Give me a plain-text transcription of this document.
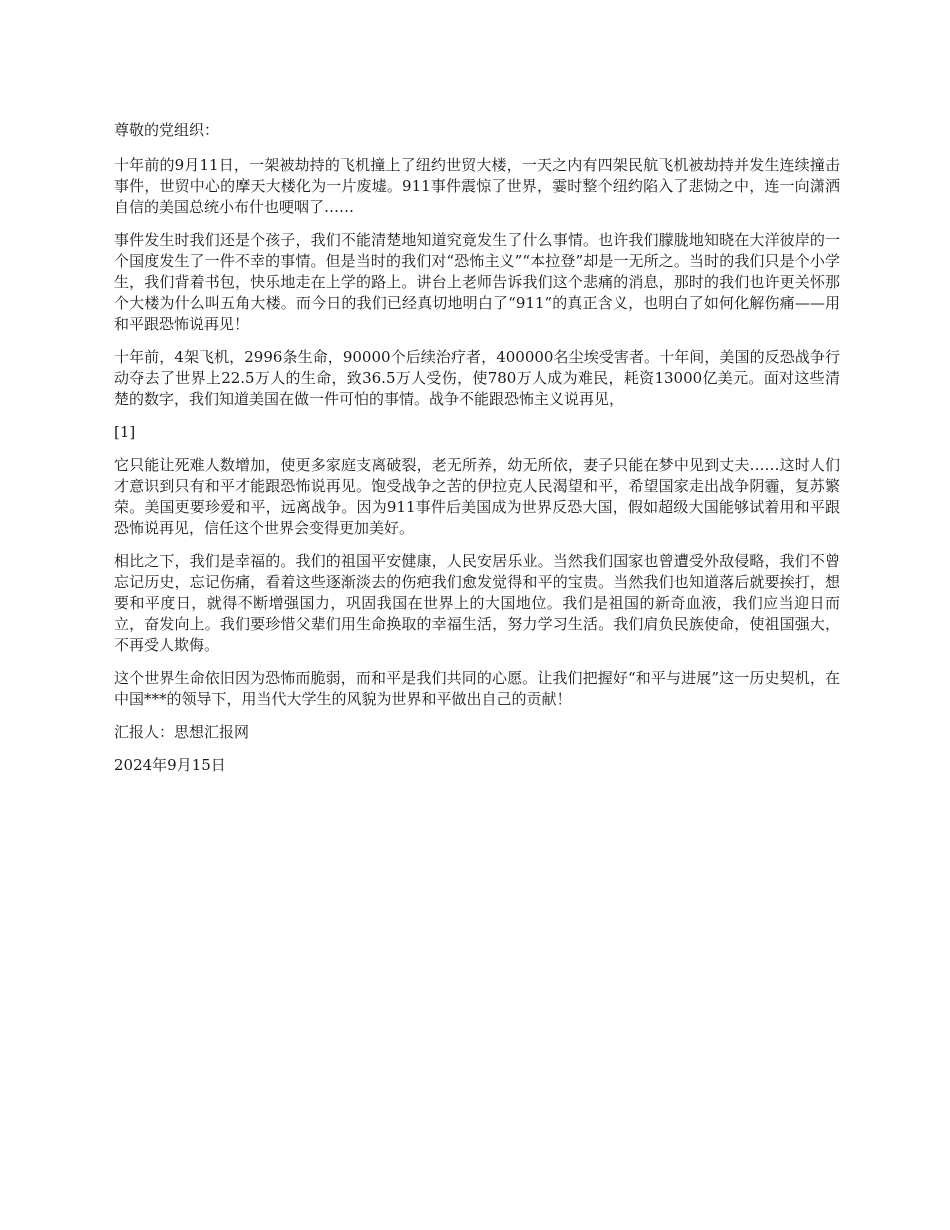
尊敬的党组织：

十年前的9月11日，一架被劫持的飞机撞上了纽约世贸大楼，一天之内有四架民航飞机被劫持并发生连续撞击事件，世贸中心的摩天大楼化为一片废墟。911事件震惊了世界，霎时整个纽约陷入了悲恸之中，连一向潇洒自信的美国总统小布什也哽咽了……

事件发生时我们还是个孩子，我们不能清楚地知道究竟发生了什么事情。也许我们朦胧地知晓在大洋彼岸的一个国度发生了一件不幸的事情。但是当时的我们对“恐怖主义”“本拉登”却是一无所之。当时的我们只是个小学生，我们背着书包，快乐地走在上学的路上。讲台上老师告诉我们这个悲痛的消息，那时的我们也许更关怀那个大楼为什么叫五角大楼。而今日的我们已经真切地明白了“911”的真正含义，也明白了如何化解伤痛——用和平跟恐怖说再见！

十年前，4架飞机，2996条生命，90000个后续治疗者，400000名尘埃受害者。十年间，美国的反恐战争行动夺去了世界上22.5万人的生命，致36.5万人受伤，使780万人成为难民，耗资13000亿美元。面对这些清楚的数字，我们知道美国在做一件可怕的事情。战争不能跟恐怖主义说再见，

[1]

它只能让死难人数增加，使更多家庭支离破裂，老无所养，幼无所依，妻子只能在梦中见到丈夫……这时人们才意识到只有和平才能跟恐怖说再见。饱受战争之苦的伊拉克人民渴望和平，希望国家走出战争阴霾，复苏繁荣。美国更要珍爱和平，远离战争。因为911事件后美国成为世界反恐大国，假如超级大国能够试着用和平跟恐怖说再见，信任这个世界会变得更加美好。

相比之下，我们是幸福的。我们的祖国平安健康，人民安居乐业。当然我们国家也曾遭受外敌侵略，我们不曾忘记历史，忘记伤痛，看着这些逐渐淡去的伤疤我们愈发觉得和平的宝贵。当然我们也知道落后就要挨打，想要和平度日，就得不断增强国力，巩固我国在世界上的大国地位。我们是祖国的新奇血液，我们应当迎日而立，奋发向上。我们要珍惜父辈们用生命换取的幸福生活，努力学习生活。我们肩负民族使命，使祖国强大，不再受人欺侮。

这个世界生命依旧因为恐怖而脆弱，而和平是我们共同的心愿。让我们把握好“和平与进展”这一历史契机，在中国***的领导下，用当代大学生的风貌为世界和平做出自己的贡献！

汇报人：思想汇报网

2024年9月15日
